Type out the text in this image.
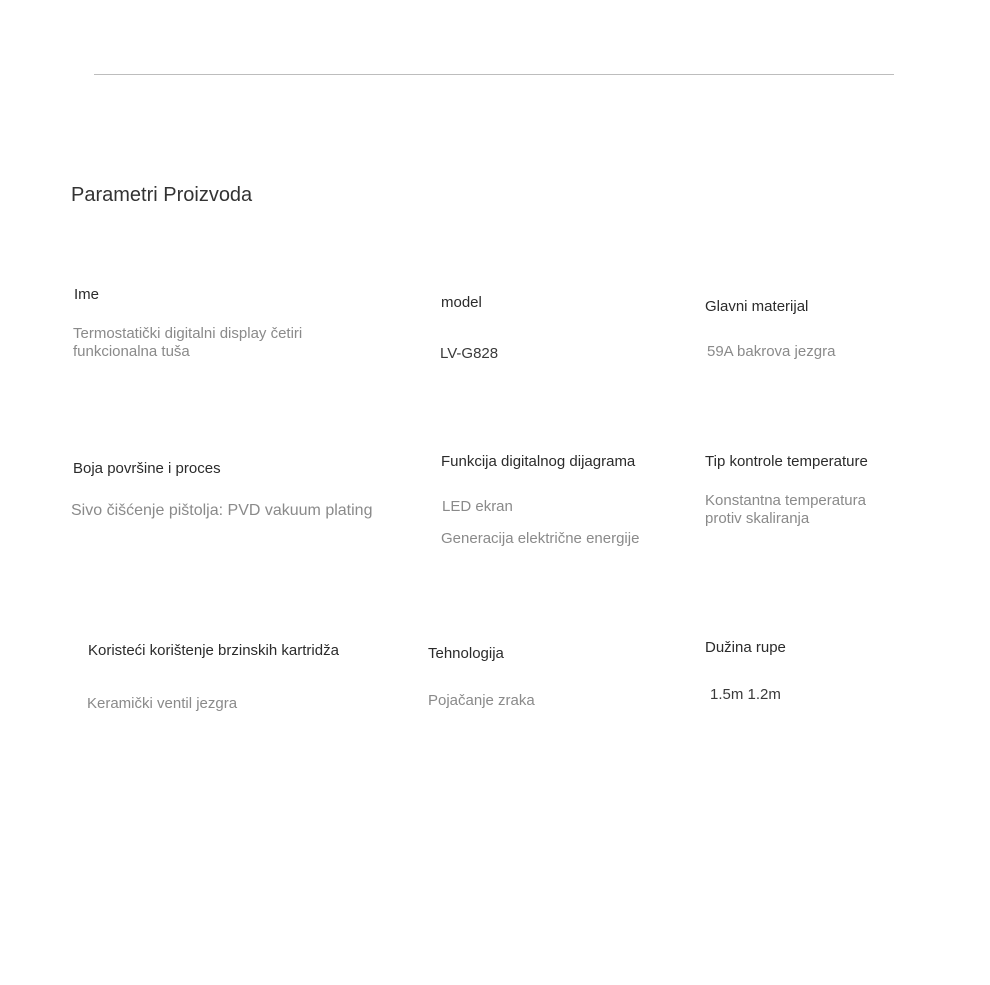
Parametri Proizvoda
Ime
Termostatički digitalni display četiri funkcionalna tuša
model
LV-G828
Glavni materijal
59A bakrova jezgra
Boja površine i proces
Sivo čišćenje pištolja: PVD vakuum plating
Funkcija digitalnog dijagrama
LED ekran
Generacija električne energije
Tip kontrole temperature
Konstantna temperatura protiv skaliranja
Koristeći korištenje brzinskih kartridža
Keramički ventil jezgra
Tehnologija
Pojačanje zraka
Dužina rupe
1.5m 1.2m
